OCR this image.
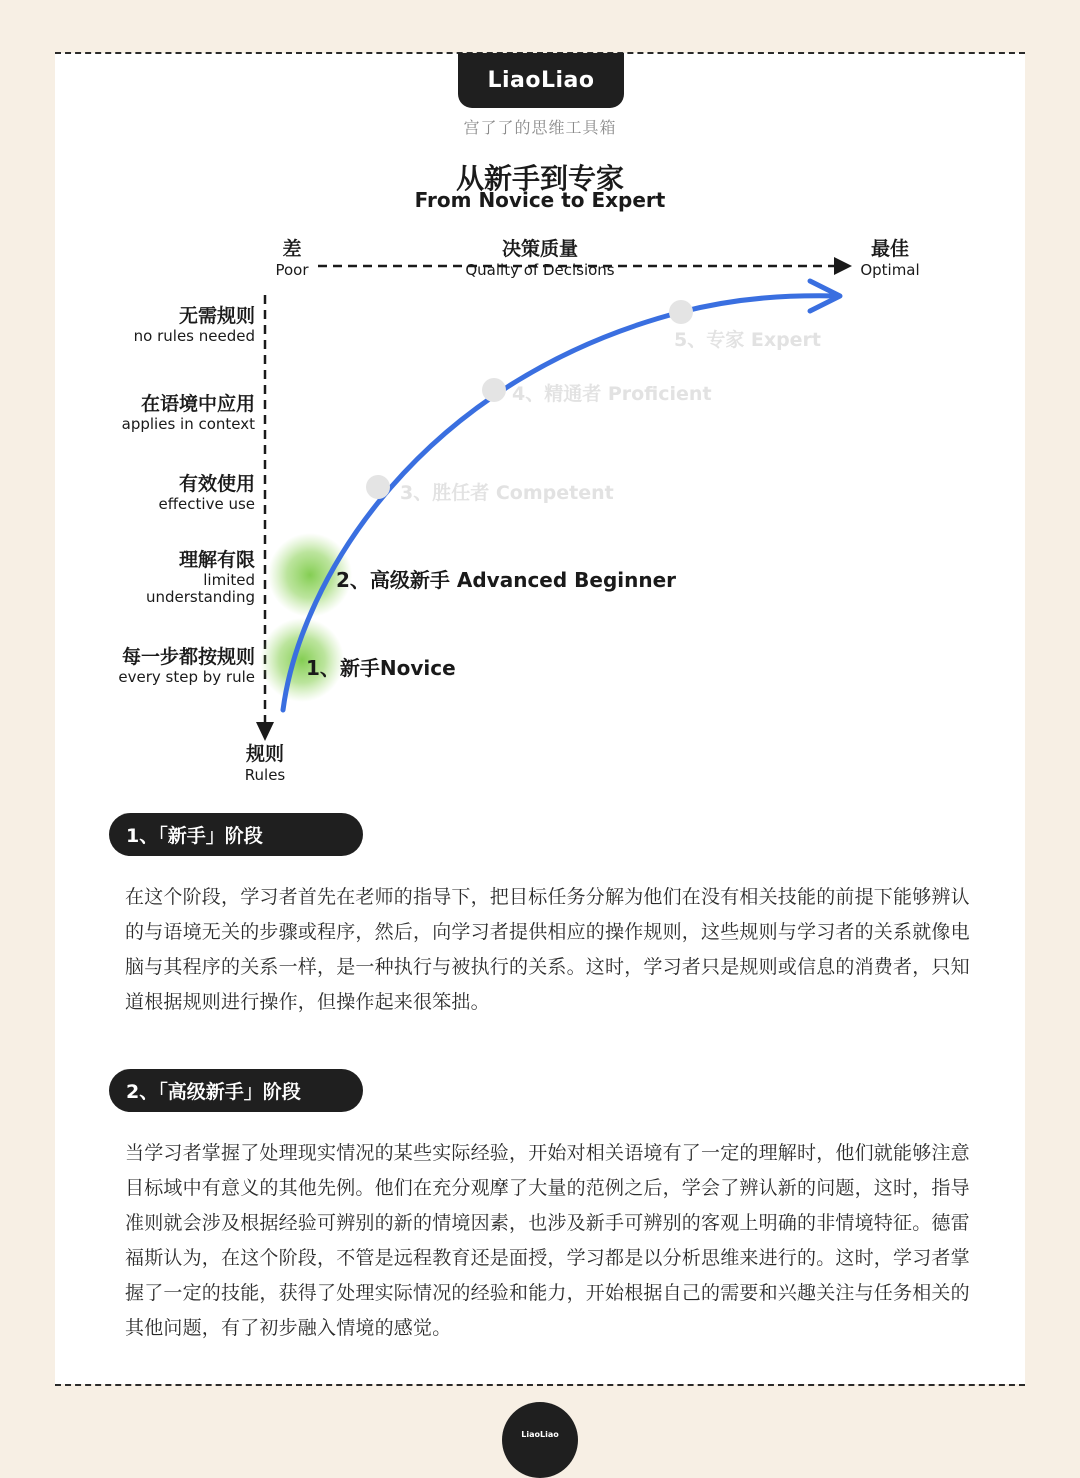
LiaoLiao
宫了了的思维工具箱
从新手到专家
From Novice to Expert
差
Poor
决策质量
Quality of Decisions
最佳
Optimal
无需规则
no rules needed
在语境中应用
applies in context
有效使用
effective use
理解有限
limited
understanding
每一步都按规则
every step by rule
规则
Rules
1、新手Novice
2、高级新手 Advanced Beginner
3、胜任者 Competent
4、精通者 Proficient
5、专家 Expert
1、「新手」阶段
在这个阶段，学习者首先在老师的指导下，把目标任务分解为他们在没有相关技能的前提下能够辨认的与语境无关的步骤或程序，然后，向学习者提供相应的操作规则，这些规则与学习者的关系就像电脑与其程序的关系一样，是一种执行与被执行的关系。这时，学习者只是规则或信息的消费者，只知道根据规则进行操作，但操作起来很笨拙。
2、「高级新手」阶段
当学习者掌握了处理现实情况的某些实际经验，开始对相关语境有了一定的理解时，他们就能够注意目标域中有意义的其他先例。他们在充分观摩了大量的范例之后，学会了辨认新的问题，这时，指导准则就会涉及根据经验可辨别的新的情境因素，也涉及新手可辨别的客观上明确的非情境特征。德雷福斯认为，在这个阶段，不管是远程教育还是面授，学习都是以分析思维来进行的。这时，学习者掌握了一定的技能，获得了处理实际情况的经验和能力，开始根据自己的需要和兴趣关注与任务相关的其他问题，有了初步融入情境的感觉。
LiaoLiao
